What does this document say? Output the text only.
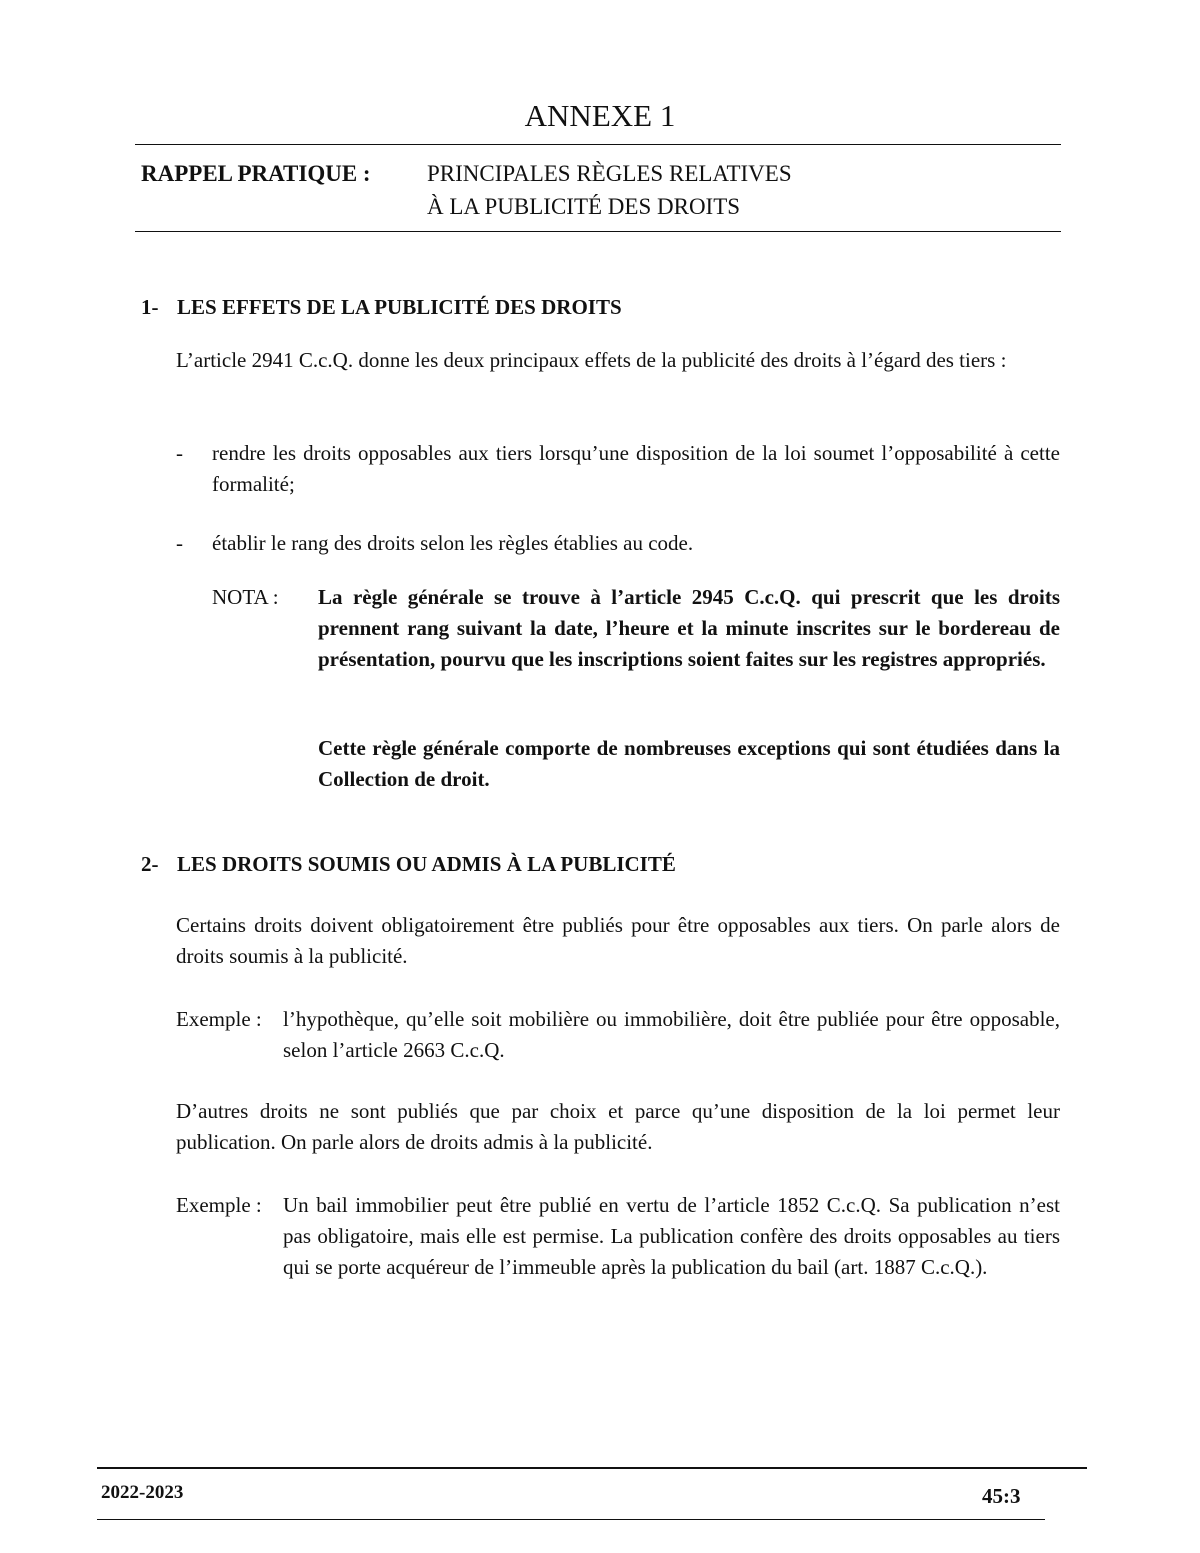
ANNEXE 1
RAPPEL PRATIQUE : PRINCIPALES RÈGLES RELATIVES
À LA PUBLICITÉ DES DROITS
1- LES EFFETS DE LA PUBLICITÉ DES DROITS
L’article 2941 C.c.Q. donne les deux principaux effets de la publicité des droits à l’égard des tiers :
- rendre les droits opposables aux tiers lorsqu’une disposition de la loi soumet l’opposabilité à cette formalité;
- établir le rang des droits selon les règles établies au code.
NOTA : La règle générale se trouve à l’article 2945 C.c.Q. qui prescrit que les droits prennent rang suivant la date, l’heure et la minute inscrites sur le bordereau de présentation, pourvu que les inscriptions soient faites sur les registres appropriés.
Cette règle générale comporte de nombreuses exceptions qui sont étudiées dans la Collection de droit.
2- LES DROITS SOUMIS OU ADMIS À LA PUBLICITÉ
Certains droits doivent obligatoirement être publiés pour être opposables aux tiers. On parle alors de droits soumis à la publicité.
Exemple : l’hypothèque, qu’elle soit mobilière ou immobilière, doit être publiée pour être opposable, selon l’article 2663 C.c.Q.
D’autres droits ne sont publiés que par choix et parce qu’une disposition de la loi permet leur publication. On parle alors de droits admis à la publicité.
Exemple : Un bail immobilier peut être publié en vertu de l’article 1852 C.c.Q. Sa publication n’est pas obligatoire, mais elle est permise. La publication confère des droits opposables au tiers qui se porte acquéreur de l’immeuble après la publication du bail (art. 1887 C.c.Q.).
2022-2023	45:3
